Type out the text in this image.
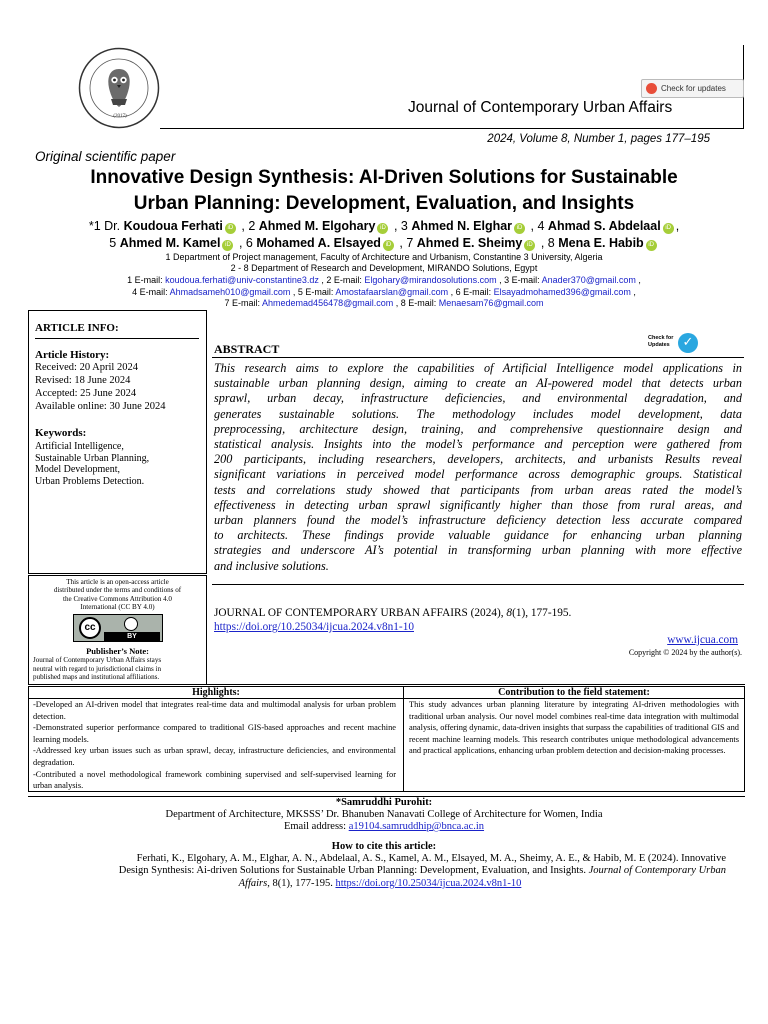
(2017)
Check for updates
Journal of Contemporary Urban Affairs
2024, Volume 8, Number 1, pages 177–195
Original scientific paper
Innovative Design Synthesis: AI-Driven Solutions for Sustainable
Urban Planning: Development, Evaluation, and Insights
*1 Dr. Koudoua Ferhati iD , 2 Ahmed M. Elgohary iD , 3 Ahmed N. Elghar iD , 4 Ahmad S. Abdelaal iD ,
5 Ahmed M. Kamel iD , 6 Mohamed A. Elsayed iD , 7 Ahmed E. Sheimy iD , 8 Mena E. Habib iD
1 Department of Project management, Faculty of Architecture and Urbanism, Constantine 3 University, Algeria
2 - 8 Department of Research and Development, MIRANDO Solutions, Egypt
1 E-mail: koudoua.ferhati@univ-constantine3.dz , 2 E-mail: Elgohary@mirandosolutions.com , 3 E-mail: Anader370@gmail.com ,
4 E-mail: Ahmadsameh010@gmail.com , 5 E-mail: Amostafaarslan@gmail.com , 6 E-mail: Elsayadmohamed396@gmail.com ,
7 E-mail: Ahmedemad456478@gmail.com , 8 E-mail: Menaesam76@gmail.com
ARTICLE INFO:
Article History:
Received: 20 April 2024
Revised: 18 June 2024
Accepted: 25 June 2024
Available online: 30 June 2024
Keywords:
Artificial Intelligence,
Sustainable Urban Planning,
Model Development,
Urban Problems Detection.
This article is an open-access article
distributed under the terms and conditions of
the Creative Commons Attribution 4.0
International (CC BY 4.0)
cc
BY
Publisher’s Note:
Journal of Contemporary Urban Affairs stays
neutral with regard to jurisdictional claims in
published maps and institutional affiliations.
ABSTRACT
Check for Updates ✓
This research aims to explore the capabilities of Artificial Intelligence model applications in
sustainable urban planning design, aiming to create an AI-powered model that detects urban
sprawl, urban decay, infrastructure deficiencies, and environmental degradation, and
generates sustainable solutions. The methodology includes model development, data
preprocessing, architecture design, training, and comprehensive questionnaire design and
statistical analysis. Insights into the model’s performance and perception were gathered from
200 participants, including researchers, developers, architects, and urbanists Results reveal
significant variations in perceived model performance across demographic groups. Statistical
tests and correlations study showed that participants from urban areas rated the model’s
effectiveness in detecting urban sprawl significantly higher than those from rural areas, and
urban planners found the model’s infrastructure deficiency detection less accurate compared
to architects. These findings provide valuable guidance for enhancing urban planning
strategies and underscore AI’s potential in transforming urban planning with more effective
and inclusive solutions.
JOURNAL OF CONTEMPORARY URBAN AFFAIRS (2024), 8(1), 177-195.
https://doi.org/10.25034/ijcua.2024.v8n1-10
www.ijcua.com
Copyright © 2024 by the author(s).
Highlights:	Contribution to the field statement:
-Developed an AI-driven model that integrates real-time data and multimodal analysis for urban problem detection.
-Demonstrated superior performance compared to traditional GIS-based approaches and recent machine learning models.
-Addressed key urban issues such as urban sprawl, decay, infrastructure deficiencies, and environmental degradation.
-Contributed a novel methodological framework combining supervised and self-supervised learning for urban analysis.
This study advances urban planning literature by integrating AI-driven methodologies with traditional urban analysis. Our novel model combines real-time data integration with multimodal analysis, offering dynamic, data-driven insights that surpass the capabilities of traditional GIS and recent machine learning models. This research contributes unique methodological advancements and practical applications, enhancing urban problem detection and decision-making processes.
*Samruddhi Purohit:
Department of Architecture, MKSSS’ Dr. Bhanuben Nanavati College of Architecture for Women, India
Email address: a19104.samruddhip@bnca.ac.in
How to cite this article:
Ferhati, K., Elgohary, A. M., Elghar, A. N., Abdelaal, A. S., Kamel, A. M., Elsayed, M. A., Sheimy, A. E., & Habib, M. E (2024). Innovative
Design Synthesis: Ai-driven Solutions for Sustainable Urban Planning: Development, Evaluation, and Insights. Journal of Contemporary Urban
Affairs, 8(1), 177-195. https://doi.org/10.25034/ijcua.2024.v8n1-10
